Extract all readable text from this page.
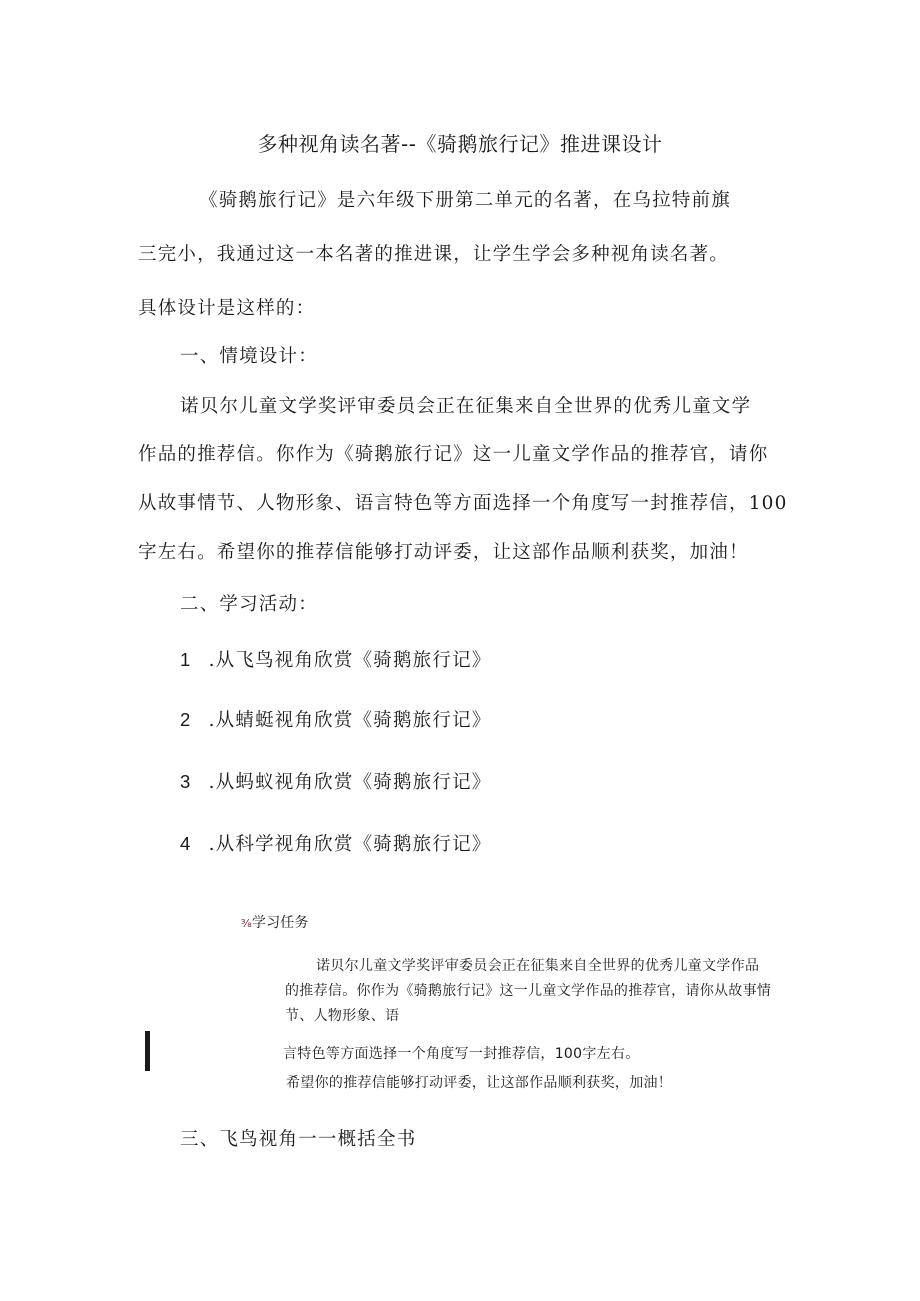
多种视角读名著--《骑鹅旅行记》推进课设计
《骑鹅旅行记》是六年级下册第二单元的名著，在乌拉特前旗
三完小，我通过这一本名著的推进课，让学生学会多种视角读名著。
具体设计是这样的：
一、情境设计：
诺贝尔儿童文学奖评审委员会正在征集来自全世界的优秀儿童文学
作品的推荐信。你作为《骑鹅旅行记》这一儿童文学作品的推荐官，请你
从故事情节、人物形象、语言特色等方面选择一个角度写一封推荐信，100
字左右。希望你的推荐信能够打动评委，让这部作品顺利获奖，加油！
二、学习活动：
1 .从飞鸟视角欣赏《骑鹅旅行记》
2 .从蜻蜓视角欣赏《骑鹅旅行记》
3 .从蚂蚁视角欣赏《骑鹅旅行记》
4 .从科学视角欣赏《骑鹅旅行记》
⅜学习任务
诺贝尔儿童文学奖评审委员会正在征集来自全世界的优秀儿童文学作品
的推荐信。你作为《骑鹅旅行记》这一儿童文学作品的推荐官，请你从故事情
节、人物形象、语
言特色等方面选择一个角度写一封推荐信，100字左右。
希望你的推荐信能够打动评委，让这部作品顺利获奖，加油！
三、飞鸟视角一一概括全书
